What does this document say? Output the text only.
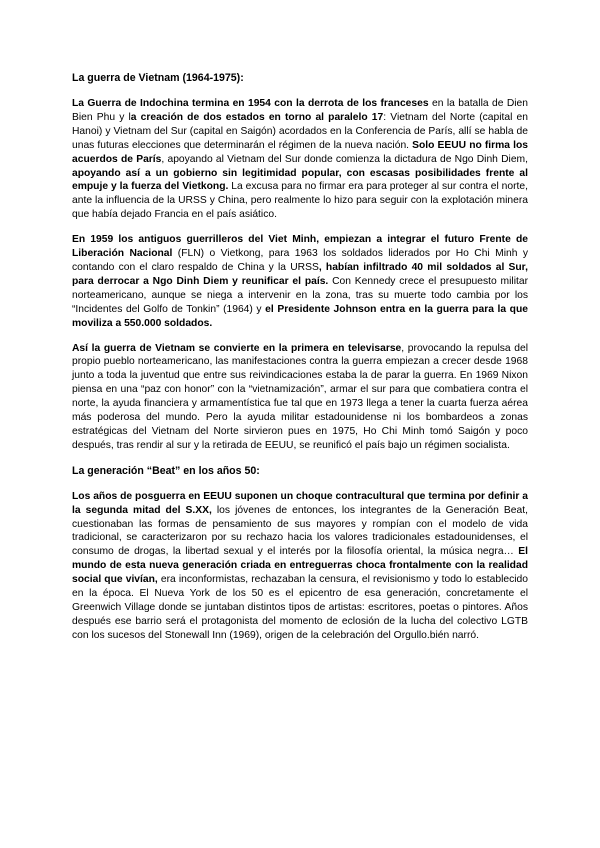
La guerra de Vietnam (1964-1975):

La Guerra de Indochina termina en 1954 con la derrota de los franceses en la batalla de Dien Bien Phu y la creación de dos estados en torno al paralelo 17: Vietnam del Norte (capital en Hanoi) y Vietnam del Sur (capital en Saigón) acordados en la Conferencia de París, allí se habla de unas futuras elecciones que determinarán el régimen de la nueva nación. Solo EEUU no firma los acuerdos de París, apoyando al Vietnam del Sur donde comienza la dictadura de Ngo Dinh Diem, apoyando así a un gobierno sin legitimidad popular, con escasas posibilidades frente al empuje y la fuerza del Vietkong. La excusa para no firmar era para proteger al sur contra el norte, ante la influencia de la URSS y China, pero realmente lo hizo para seguir con la explotación minera que había dejado Francia en el país asiático.

En 1959 los antiguos guerrilleros del Viet Minh, empiezan a integrar el futuro Frente de Liberación Nacional (FLN) o Vietkong, para 1963 los soldados liderados por Ho Chi Minh y contando con el claro respaldo de China y la URSS, habían infiltrado 40 mil soldados al Sur, para derrocar a Ngo Dinh Diem y reunificar el país. Con Kennedy crece el presupuesto militar norteamericano, aunque se niega a intervenir en la zona, tras su muerte todo cambia por los “Incidentes del Golfo de Tonkin” (1964) y el Presidente Johnson entra en la guerra para la que moviliza a 550.000 soldados.

Así la guerra de Vietnam se convierte en la primera en televisarse, provocando la repulsa del propio pueblo norteamericano, las manifestaciones contra la guerra empiezan a crecer desde 1968 junto a toda la juventud que entre sus reivindicaciones estaba la de parar la guerra. En 1969 Nixon piensa en una “paz con honor” con la “vietnamización”, armar el sur para que combatiera contra el norte, la ayuda financiera y armamentística fue tal que en 1973 llega a tener la cuarta fuerza aérea más poderosa del mundo. Pero la ayuda militar estadounidense ni los bombardeos a zonas estratégicas del Vietnam del Norte sirvieron pues en 1975, Ho Chi Minh tomó Saigón y poco después, tras rendir al sur y la retirada de EEUU, se reunificó el país bajo un régimen socialista.

La generación “Beat” en los años 50:

Los años de posguerra en EEUU suponen un choque contracultural que termina por definir a la segunda mitad del S.XX, los jóvenes de entonces, los integrantes de la Generación Beat, cuestionaban las formas de pensamiento de sus mayores y rompían con el modelo de vida tradicional, se caracterizaron por su rechazo hacia los valores tradicionales estadounidenses, el consumo de drogas, la libertad sexual y el interés por la filosofía oriental, la música negra… El mundo de esta nueva generación criada en entreguerras choca frontalmente con la realidad social que vivían, era inconformistas, rechazaban la censura, el revisionismo y todo lo establecido en la época. El Nueva York de los 50 es el epicentro de esa generación, concretamente el Greenwich Village donde se juntaban distintos tipos de artistas: escritores, poetas o pintores. Años después ese barrio será el protagonista del momento de eclosión de la lucha del colectivo LGTB con los sucesos del Stonewall Inn (1969), origen de la celebración del Orgullo.bién narró.
